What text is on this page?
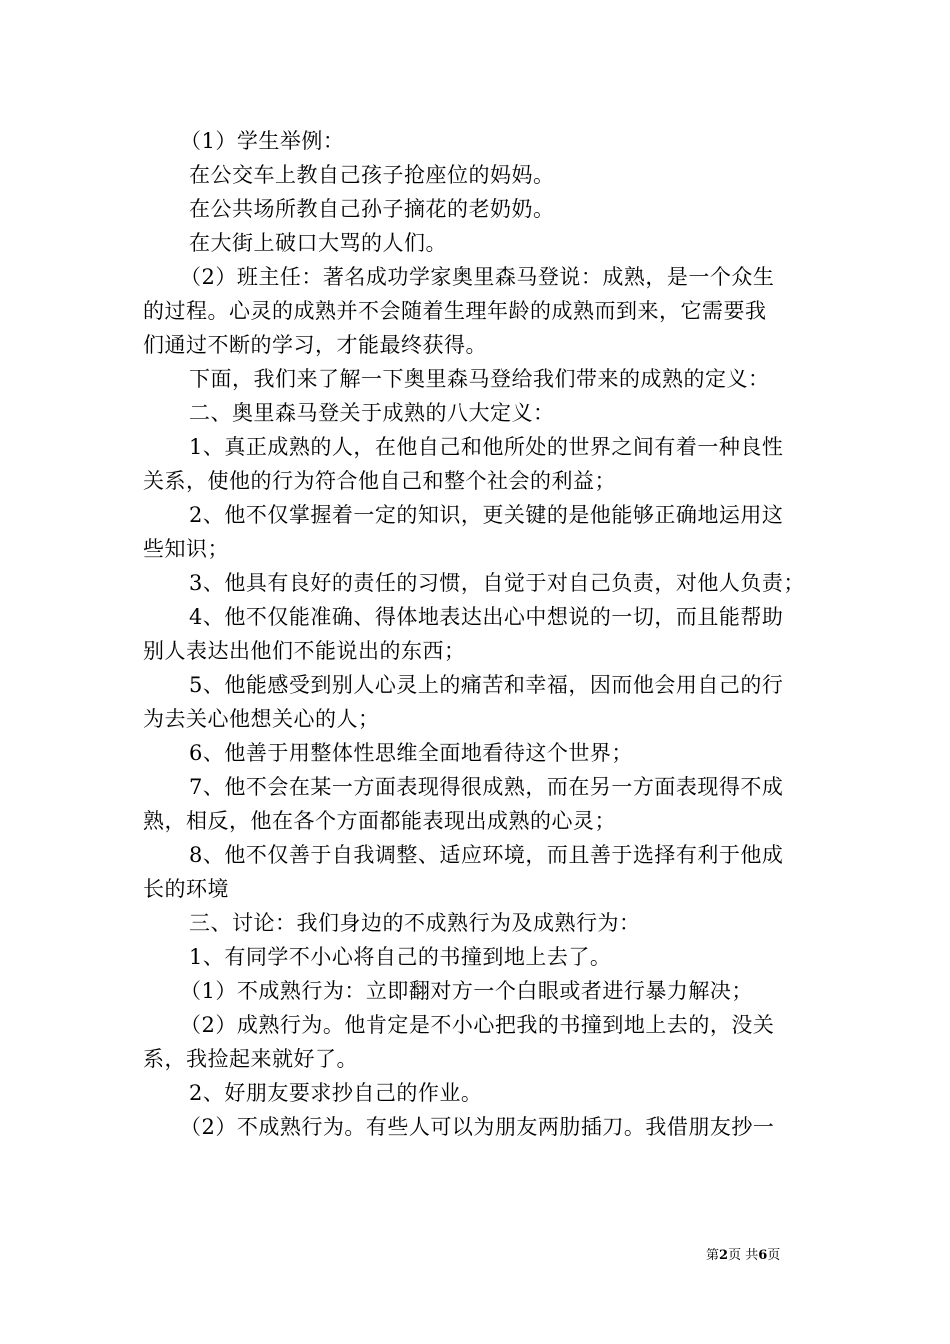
（1）学生举例：

在公交车上教自己孩子抢座位的妈妈。

在公共场所教自己孙子摘花的老奶奶。

在大街上破口大骂的人们。

（2）班主任：著名成功学家奥里森马登说：成熟，是一个众生
的过程。心灵的成熟并不会随着生理年龄的成熟而到来，它需要我
们通过不断的学习，才能最终获得。

下面，我们来了解一下奥里森马登给我们带来的成熟的定义：

二、奥里森马登关于成熟的八大定义：

1、真正成熟的人，在他自己和他所处的世界之间有着一种良性
关系，使他的行为符合他自己和整个社会的利益；

2、他不仅掌握着一定的知识，更关键的是他能够正确地运用这
些知识；

3、他具有良好的责任的习惯，自觉于对自己负责，对他人负责；

4、他不仅能准确、得体地表达出心中想说的一切，而且能帮助
别人表达出他们不能说出的东西；

5、他能感受到别人心灵上的痛苦和幸福，因而他会用自己的行
为去关心他想关心的人；

6、他善于用整体性思维全面地看待这个世界；

7、他不会在某一方面表现得很成熟，而在另一方面表现得不成
熟，相反，他在各个方面都能表现出成熟的心灵；

8、他不仅善于自我调整、适应环境，而且善于选择有利于他成
长的环境

三、讨论：我们身边的不成熟行为及成熟行为：

1、有同学不小心将自己的书撞到地上去了。

（1）不成熟行为：立即翻对方一个白眼或者进行暴力解决；

（2）成熟行为。他肯定是不小心把我的书撞到地上去的，没关
系，我捡起来就好了。

2、好朋友要求抄自己的作业。

（2）不成熟行为。有些人可以为朋友两肋插刀。我借朋友抄一

第2页 共6页
